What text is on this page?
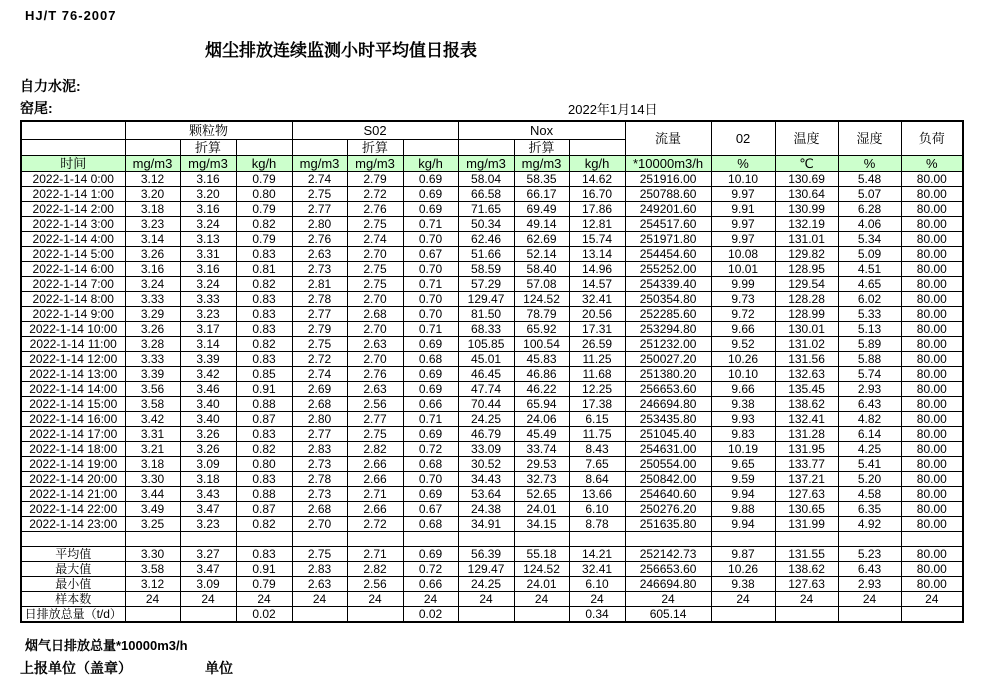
HJ/T 76-2007
烟尘排放连续监测小时平均值日报表
自力水泥:
窑尾:	2022年1月14日
	颗粒物			S02			Nox			流量	02	温度	湿度	负荷
		折算			折算			折算						
时间	mg/m3	mg/m3	kg/h	mg/m3	mg/m3	kg/h	mg/m3	mg/m3	kg/h	*10000m3/h	%	℃	%	%
2022-1-14 0:00	3.12	3.16	0.79	2.74	2.79	0.69	58.04	58.35	14.62	251916.00	10.10	130.69	5.48	80.00
2022-1-14 1:00	3.20	3.20	0.80	2.75	2.72	0.69	66.58	66.17	16.70	250788.60	9.97	130.64	5.07	80.00
2022-1-14 2:00	3.18	3.16	0.79	2.77	2.76	0.69	71.65	69.49	17.86	249201.60	9.91	130.99	6.28	80.00
2022-1-14 3:00	3.23	3.24	0.82	2.80	2.75	0.71	50.34	49.14	12.81	254517.60	9.97	132.19	4.06	80.00
2022-1-14 4:00	3.14	3.13	0.79	2.76	2.74	0.70	62.46	62.69	15.74	251971.80	9.97	131.01	5.34	80.00
2022-1-14 5:00	3.26	3.31	0.83	2.63	2.70	0.67	51.66	52.14	13.14	254454.60	10.08	129.82	5.09	80.00
2022-1-14 6:00	3.16	3.16	0.81	2.73	2.75	0.70	58.59	58.40	14.96	255252.00	10.01	128.95	4.51	80.00
2022-1-14 7:00	3.24	3.24	0.82	2.81	2.75	0.71	57.29	57.08	14.57	254339.40	9.99	129.54	4.65	80.00
2022-1-14 8:00	3.33	3.33	0.83	2.78	2.70	0.70	129.47	124.52	32.41	250354.80	9.73	128.28	6.02	80.00
2022-1-14 9:00	3.29	3.23	0.83	2.77	2.68	0.70	81.50	78.79	20.56	252285.60	9.72	128.99	5.33	80.00
2022-1-14 10:00	3.26	3.17	0.83	2.79	2.70	0.71	68.33	65.92	17.31	253294.80	9.66	130.01	5.13	80.00
2022-1-14 11:00	3.28	3.14	0.82	2.75	2.63	0.69	105.85	100.54	26.59	251232.00	9.52	131.02	5.89	80.00
2022-1-14 12:00	3.33	3.39	0.83	2.72	2.70	0.68	45.01	45.83	11.25	250027.20	10.26	131.56	5.88	80.00
2022-1-14 13:00	3.39	3.42	0.85	2.74	2.76	0.69	46.45	46.86	11.68	251380.20	10.10	132.63	5.74	80.00
2022-1-14 14:00	3.56	3.46	0.91	2.69	2.63	0.69	47.74	46.22	12.25	256653.60	9.66	135.45	2.93	80.00
2022-1-14 15:00	3.58	3.40	0.88	2.68	2.56	0.66	70.44	65.94	17.38	246694.80	9.38	138.62	6.43	80.00
2022-1-14 16:00	3.42	3.40	0.87	2.80	2.77	0.71	24.25	24.06	6.15	253435.80	9.93	132.41	4.82	80.00
2022-1-14 17:00	3.31	3.26	0.83	2.77	2.75	0.69	46.79	45.49	11.75	251045.40	9.83	131.28	6.14	80.00
2022-1-14 18:00	3.21	3.26	0.82	2.83	2.82	0.72	33.09	33.74	8.43	254631.00	10.19	131.95	4.25	80.00
2022-1-14 19:00	3.18	3.09	0.80	2.73	2.66	0.68	30.52	29.53	7.65	250554.00	9.65	133.77	5.41	80.00
2022-1-14 20:00	3.30	3.18	0.83	2.78	2.66	0.70	34.43	32.73	8.64	250842.00	9.59	137.21	5.20	80.00
2022-1-14 21:00	3.44	3.43	0.88	2.73	2.71	0.69	53.64	52.65	13.66	254640.60	9.94	127.63	4.58	80.00
2022-1-14 22:00	3.49	3.47	0.87	2.68	2.66	0.67	24.38	24.01	6.10	250276.20	9.88	130.65	6.35	80.00
2022-1-14 23:00	3.25	3.23	0.82	2.70	2.72	0.68	34.91	34.15	8.78	251635.80	9.94	131.99	4.92	80.00

平均值	3.30	3.27	0.83	2.75	2.71	0.69	56.39	55.18	14.21	252142.73	9.87	131.55	5.23	80.00
最大值	3.58	3.47	0.91	2.83	2.82	0.72	129.47	124.52	32.41	256653.60	10.26	138.62	6.43	80.00
最小值	3.12	3.09	0.79	2.63	2.56	0.66	24.25	24.01	6.10	246694.80	9.38	127.63	2.93	80.00
样本数	24	24	24	24	24	24	24	24	24	24	24	24	24	24
日排放总量（t/d）			0.02			0.02			0.34	605.14				
烟气日排放总量*10000m3/h
上报单位（盖章）	单位
